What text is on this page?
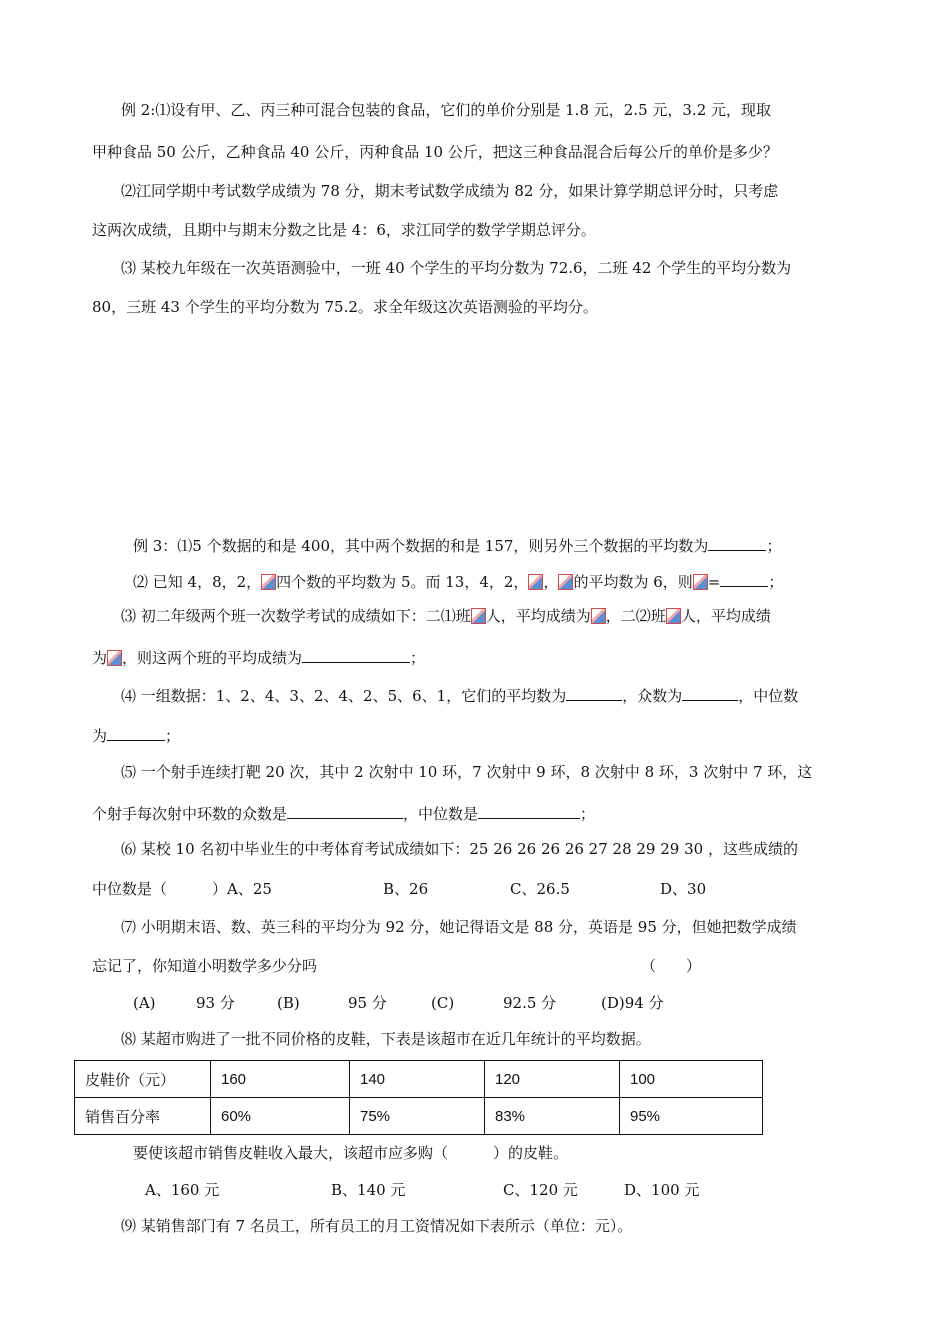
例 2:⑴设有甲、乙、丙三种可混合包装的食品，它们的单价分别是 1.8 元，2.5 元，3.2 元，现取
甲种食品 50 公斤，乙种食品 40 公斤，丙种食品 10 公斤，把这三种食品混合后每公斤的单价是多少？
⑵江同学期中考试数学成绩为 78 分，期末考试数学成绩为 82 分，如果计算学期总评分时，只考虑
这两次成绩，且期中与期末分数之比是 4：6，求江同学的数学学期总评分。
⑶ 某校九年级在一次英语测验中，一班 40 个学生的平均分数为 72.6，二班 42 个学生的平均分数为
80，三班 43 个学生的平均分数为 75.2。求全年级这次英语测验的平均分。
例 3：⑴5 个数据的和是 400，其中两个数据的和是 157，则另外三个数据的平均数为	；
⑵ 已知 4，8，2， 四个数的平均数为 5。而 13，4，2， ， 的平均数为 6，则 =	；
⑶ 初二年级两个班一次数学考试的成绩如下：二⑴班 人，平均成绩为 ，二⑵班 人，平均成绩
为 ，则这两个班的平均成绩为	；
⑷ 一组数据：1、2、4、3、2、4、2、5、6、1，它们的平均数为	，众数为	，中位数
为	；
⑸ 一个射手连续打靶 20 次，其中 2 次射中 10 环，7 次射中 9 环，8 次射中 8 环，3 次射中 7 环，这
个射手每次射中环数的众数是	，中位数是	；
⑹ 某校 10 名初中毕业生的中考体育考试成绩如下：25 26 26 26 26 27 28 29 29 30 ，这些成绩的
中位数是（　　　）A、25	B、26	C、26.5	D、30
⑺ 小明期末语、数、英三科的平均分为 92 分，她记得语文是 88 分，英语是 95 分，但她把数学成绩
忘记了，你知道小明数学多少分吗	（　　）
(A)	93 分	(B)	95 分	(C)	92.5 分	(D)94 分
⑻ 某超市购进了一批不同价格的皮鞋，下表是该超市在近几年统计的平均数据。
皮鞋价（元）	160	140	120	100
销售百分率	60%	75%	83%	95%
要使该超市销售皮鞋收入最大，该超市应多购（　　　）的皮鞋。
A、160 元	B、140 元	C、120 元	D、100 元
⑼ 某销售部门有 7 名员工，所有员工的月工资情况如下表所示（单位：元）。
